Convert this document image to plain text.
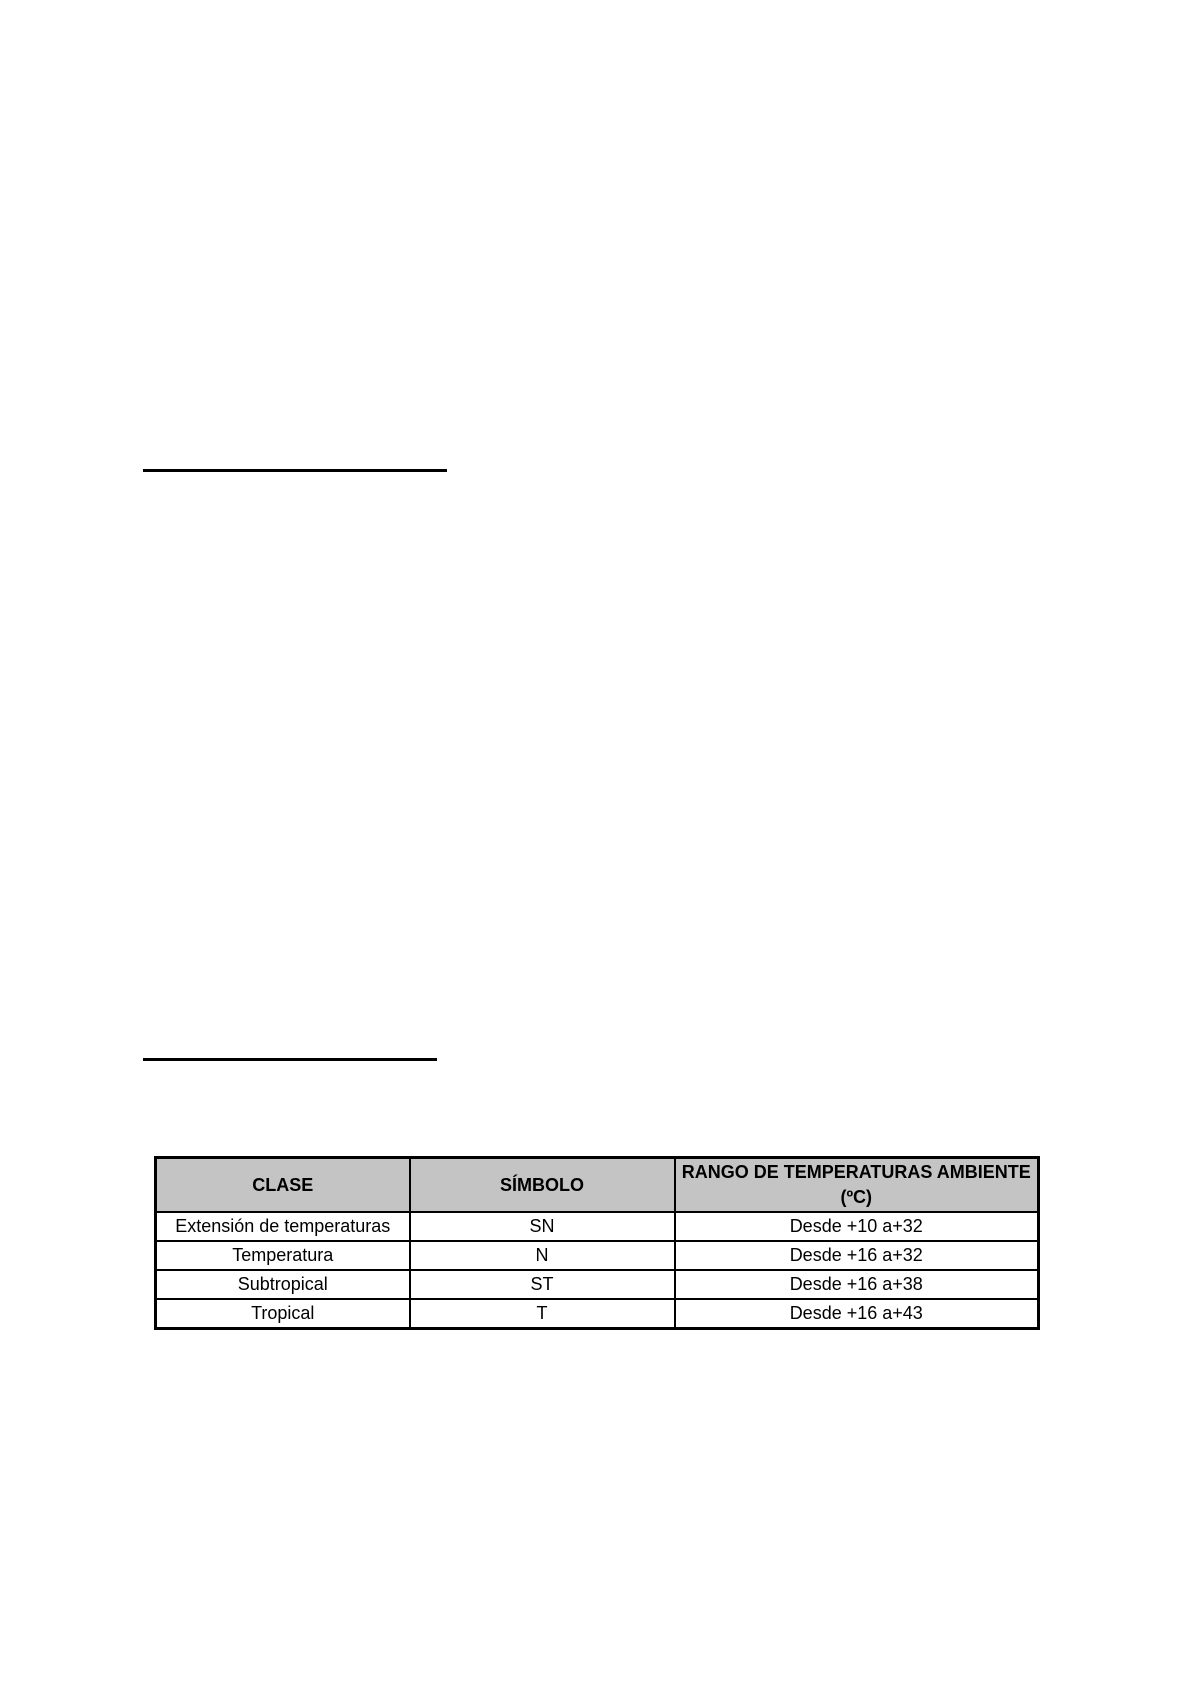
CLASE	SÍMBOLO	RANGO DE TEMPERATURAS AMBIENTE (ºC)
Extensión de temperaturas	SN	Desde +10 a+32
Temperatura	N	Desde +16 a+32
Subtropical	ST	Desde +16 a+38
Tropical	T	Desde +16 a+43
